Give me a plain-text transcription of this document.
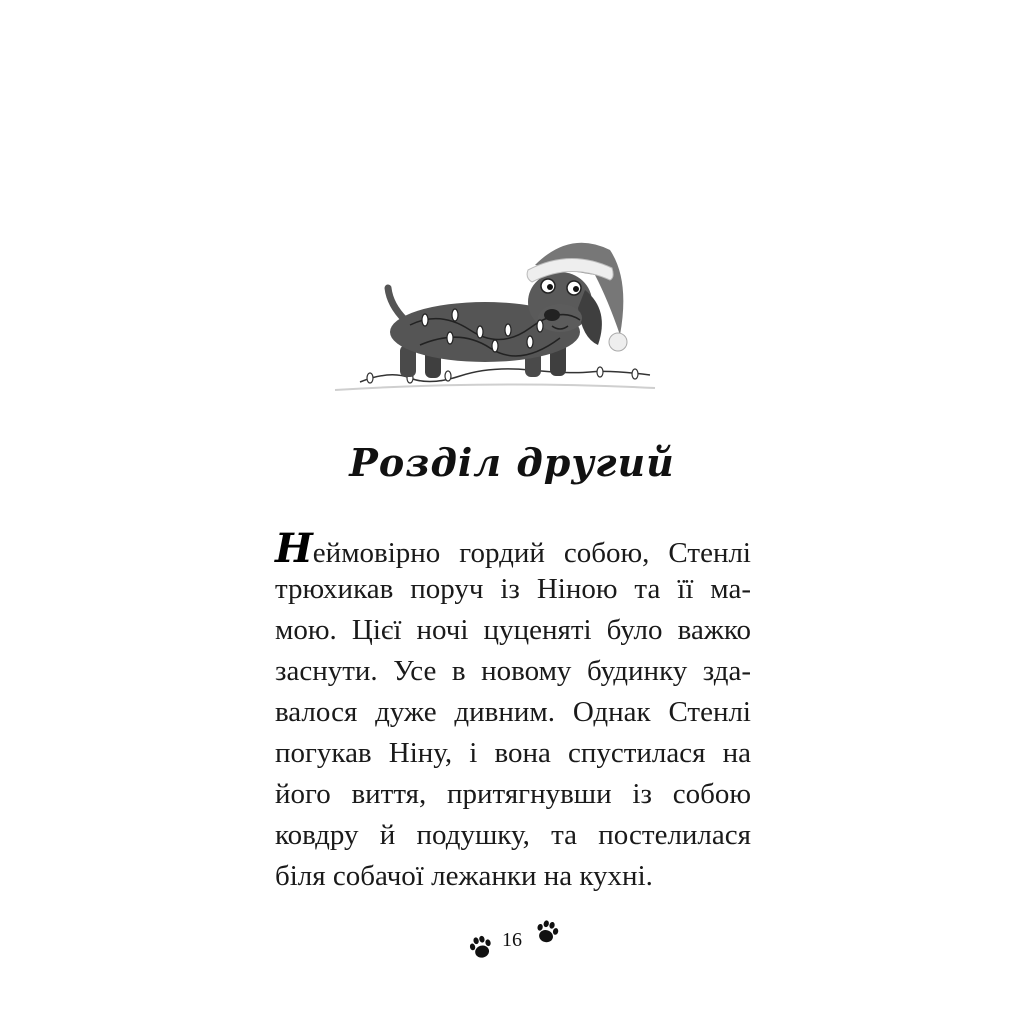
Розділ другий
Неймовірно гордий собою, Стенлі
трюхикав поруч із Ніною та її ма-
мою. Цієї ночі цуценяті було важко
заснути. Усе в новому будинку зда-
валося дуже дивним. Однак Стенлі
погукав Ніну, і вона спустилася на
його виття, притягнувши із собою
ковдру й подушку, та постелилася
біля собачої лежанки на кухні.
16
